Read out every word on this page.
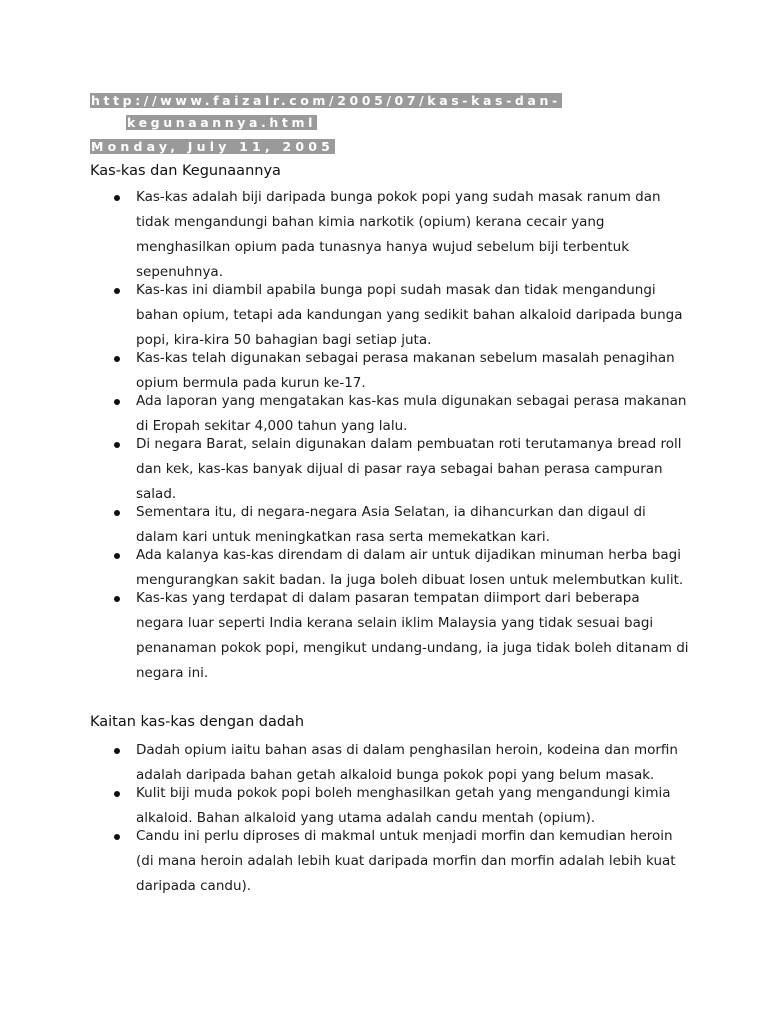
http://www.faizalr.com/2005/07/kas-kas-dan-
kegunaannya.html
Monday, July 11, 2005
Kas-kas dan Kegunaannya
Kas-kas adalah biji daripada bunga pokok popi yang sudah masak ranum dan tidak mengandungi bahan kimia narkotik (opium) kerana cecair yang menghasilkan opium pada tunasnya hanya wujud sebelum biji terbentuk sepenuhnya.
Kas-kas ini diambil apabila bunga popi sudah masak dan tidak mengandungi bahan opium, tetapi ada kandungan yang sedikit bahan alkaloid daripada bunga popi, kira-kira 50 bahagian bagi setiap juta.
Kas-kas telah digunakan sebagai perasa makanan sebelum masalah penagihan opium bermula pada kurun ke-17.
Ada laporan yang mengatakan kas-kas mula digunakan sebagai perasa makanan di Eropah sekitar 4,000 tahun yang lalu.
Di negara Barat, selain digunakan dalam pembuatan roti terutamanya bread roll dan kek, kas-kas banyak dijual di pasar raya sebagai bahan perasa campuran salad.
Sementara itu, di negara-negara Asia Selatan, ia dihancurkan dan digaul di dalam kari untuk meningkatkan rasa serta memekatkan kari.
Ada kalanya kas-kas direndam di dalam air untuk dijadikan minuman herba bagi mengurangkan sakit badan. Ia juga boleh dibuat losen untuk melembutkan kulit.
Kas-kas yang terdapat di dalam pasaran tempatan diimport dari beberapa negara luar seperti India kerana selain iklim Malaysia yang tidak sesuai bagi penanaman pokok popi, mengikut undang-undang, ia juga tidak boleh ditanam di negara ini.
Kaitan kas-kas dengan dadah
Dadah opium iaitu bahan asas di dalam penghasilan heroin, kodeina dan morfin adalah daripada bahan getah alkaloid bunga pokok popi yang belum masak.
Kulit biji muda pokok popi boleh menghasilkan getah yang mengandungi kimia alkaloid. Bahan alkaloid yang utama adalah candu mentah (opium).
Candu ini perlu diproses di makmal untuk menjadi morfin dan kemudian heroin (di mana heroin adalah lebih kuat daripada morfin dan morfin adalah lebih kuat daripada candu).
